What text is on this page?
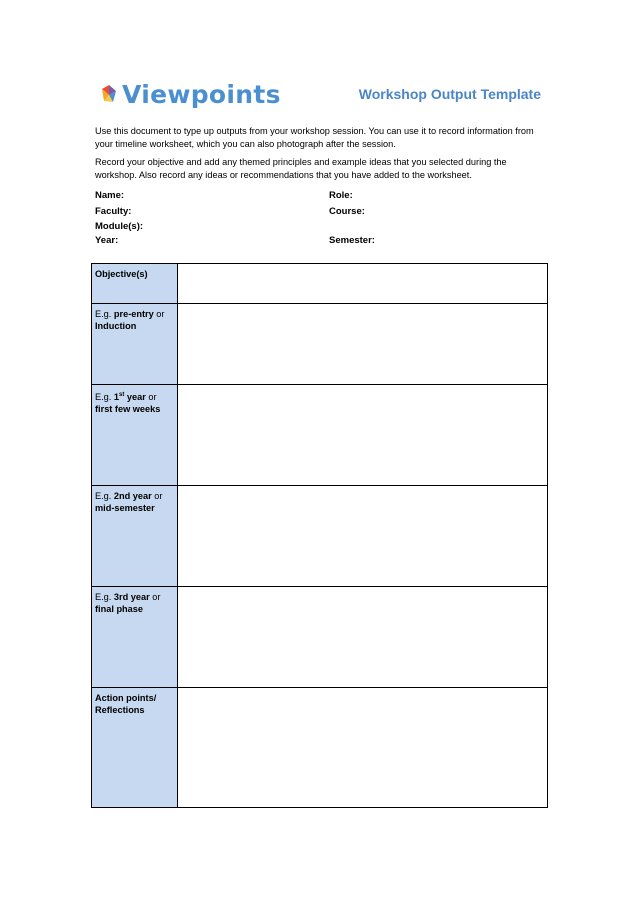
Viewpoints	Workshop Output Template
Use this document to type up outputs from your workshop session. You can use it to record information from your timeline worksheet, which you can also photograph after the session.
Record your objective and add any themed principles and example ideas that you selected during the workshop. Also record any ideas or recommendations that you have added to the worksheet.
Name:	Role:
Faculty:	Course:
Module(s):
Year:	Semester:
Objective(s)	
E.g. pre-entry or Induction	
E.g. 1st year or first few weeks	
E.g. 2nd year or mid-semester	
E.g. 3rd year or final phase	
Action points/ Reflections	
